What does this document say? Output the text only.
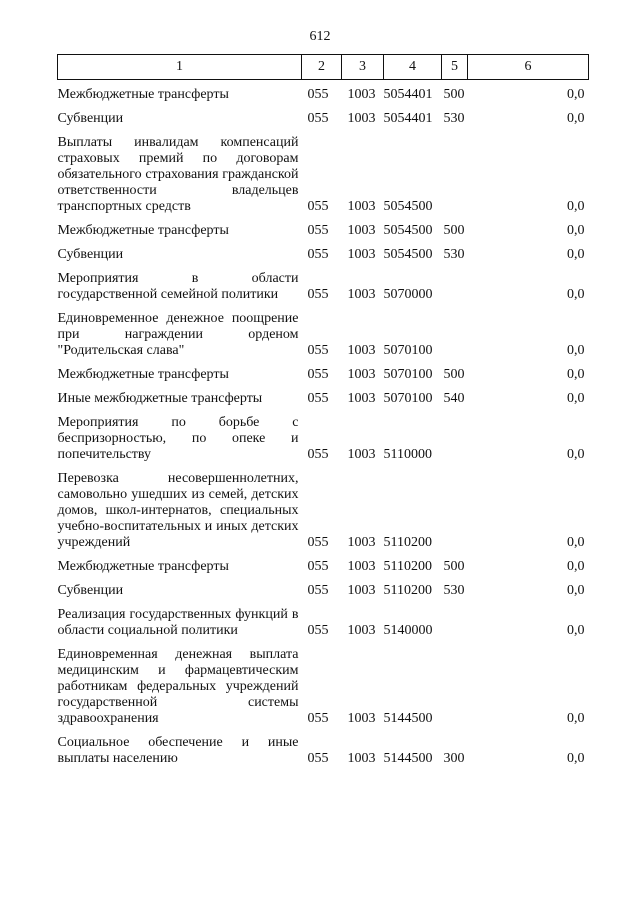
612
1	2	3	4	5	6
Межбюджетные трансферты	055	1003	5054401	500	0,0
Субвенции	055	1003	5054401	530	0,0
Выплаты инвалидам компенсаций страховых премий по договорам обязательного страхования гражданской ответственности владельцев транспортных средств	055	1003	5054500		0,0
Межбюджетные трансферты	055	1003	5054500	500	0,0
Субвенции	055	1003	5054500	530	0,0
Мероприятия в области государственной семейной политики	055	1003	5070000		0,0
Единовременное денежное поощрение при награждении орденом "Родительская слава"	055	1003	5070100		0,0
Межбюджетные трансферты	055	1003	5070100	500	0,0
Иные межбюджетные трансферты	055	1003	5070100	540	0,0
Мероприятия по борьбе с беспризорностью, по опеке и попечительству	055	1003	5110000		0,0
Перевозка несовершеннолетних, самовольно ушедших из семей, детских домов, школ-интернатов, специальных учебно-воспитательных и иных детских учреждений	055	1003	5110200		0,0
Межбюджетные трансферты	055	1003	5110200	500	0,0
Субвенции	055	1003	5110200	530	0,0
Реализация государственных функций в области социальной политики	055	1003	5140000		0,0
Единовременная денежная выплата медицинским и фармацевтическим работникам федеральных учреждений государственной системы здравоохранения	055	1003	5144500		0,0
Социальное обеспечение и иные выплаты населению	055	1003	5144500	300	0,0
